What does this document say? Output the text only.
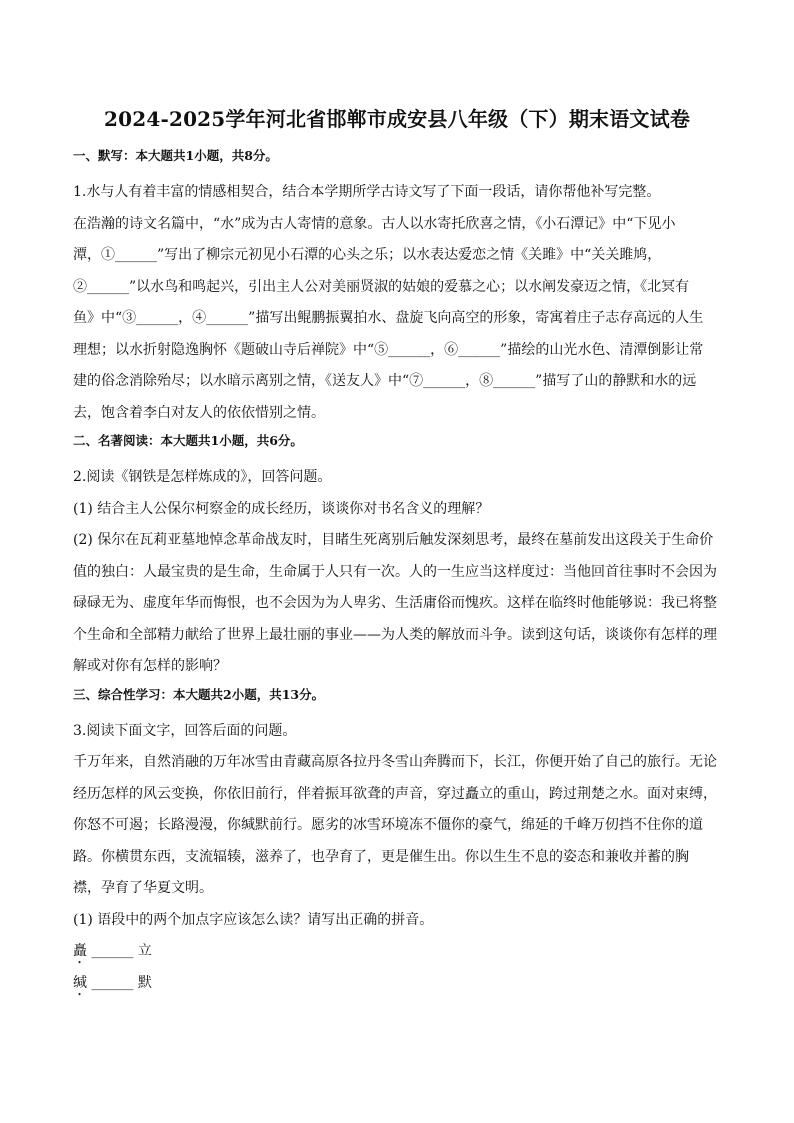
2024-2025学年河北省邯郸市成安县八年级（下）期末语文试卷
一、默写：本大题共1小题，共8分。
1.水与人有着丰富的情感相契合，结合本学期所学古诗文写了下面一段话，请你帮他补写完整。
在浩瀚的诗文名篇中，“水”成为古人寄情的意象。古人以水寄托欣喜之情，《小石潭记》中“下见小
潭，①______”写出了柳宗元初见小石潭的心头之乐；以水表达爱恋之情《关雎》中“关关雎鸠，
②______”以水鸟和鸣起兴，引出主人公对美丽贤淑的姑娘的爱慕之心；以水阐发豪迈之情，《北冥有
鱼》中“③______，④______”描写出鲲鹏振翼拍水、盘旋飞向高空的形象，寄寓着庄子志存高远的人生
理想；以水折射隐逸胸怀《题破山寺后禅院》中“⑤______，⑥______”描绘的山光水色、清潭倒影让常
建的俗念消除殆尽；以水暗示离别之情，《送友人》中“⑦______，⑧______”描写了山的静默和水的远
去，饱含着李白对友人的依依惜别之情。
二、名著阅读：本大题共1小题，共6分。
2.阅读《钢铁是怎样炼成的》，回答问题。
(1) 结合主人公保尔柯察金的成长经历，谈谈你对书名含义的理解？
(2) 保尔在瓦莉亚墓地悼念革命战友时，目睹生死离别后触发深刻思考，最终在墓前发出这段关于生命价
值的独白：人最宝贵的是生命，生命属于人只有一次。人的一生应当这样度过：当他回首往事时不会因为
碌碌无为、虚度年华而悔恨，也不会因为为人卑劣、生活庸俗而愧疚。这样在临终时他能够说：我已将整
个生命和全部精力献给了世界上最壮丽的事业——为人类的解放而斗争。读到这句话，谈谈你有怎样的理
解或对你有怎样的影响？
三、综合性学习：本大题共2小题，共13分。
3.阅读下面文字，回答后面的问题。
千万年来，自然消融的万年冰雪由青藏高原各拉丹冬雪山奔腾而下，长江，你便开始了自己的旅行。无论
经历怎样的风云变换，你依旧前行，伴着振耳欲聋的声音，穿过矗立的重山，跨过荆楚之水。面对束缚，
你怒不可遏；长路漫漫，你缄默前行。愿劣的冰雪环境冻不僵你的豪气，绵延的千峰万仞挡不住你的道
路。你横贯东西，支流辐辏，滋养了，也孕育了，更是催生出。你以生生不息的姿态和兼收并蓄的胸
襟，孕育了华夏文明。
(1) 语段中的两个加点字应该怎么读？请写出正确的拼音。
矗 ______ 立
缄 ______ 默
